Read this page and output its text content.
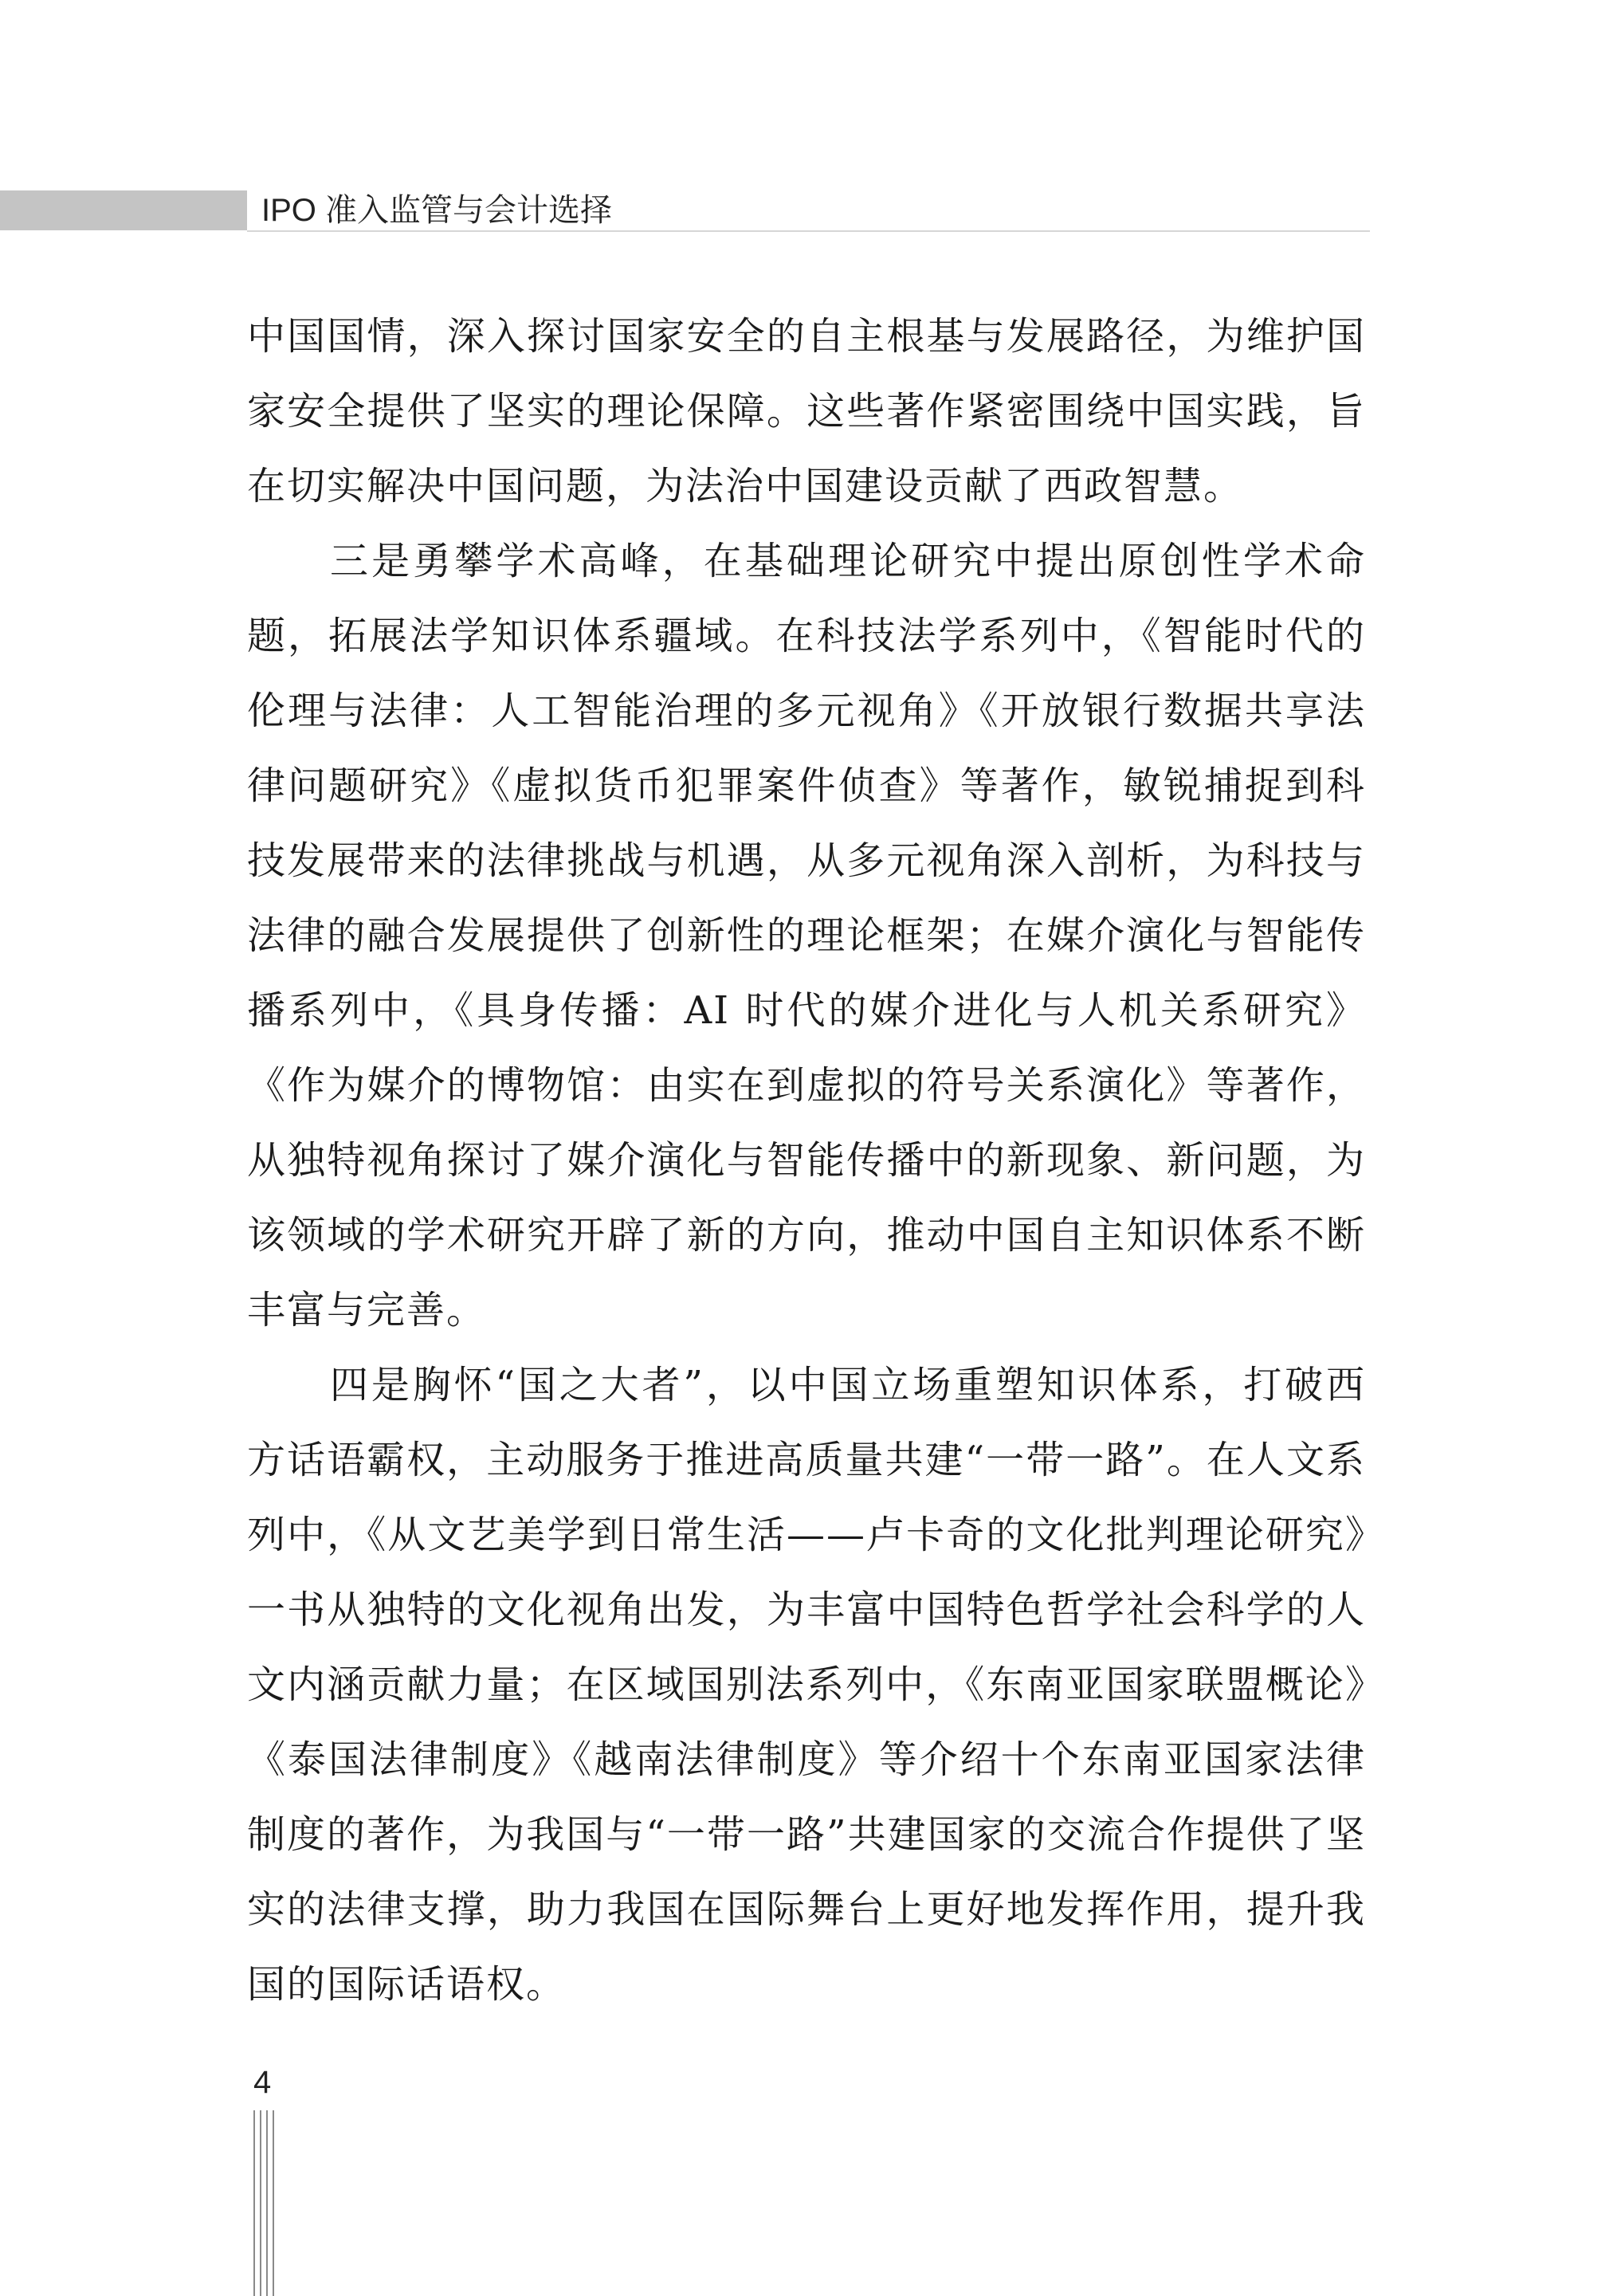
IPO 准入监管与会计选择

中国国情，深入探讨国家安全的自主根基与发展路径，为维护国家安全提供了坚实的理论保障。这些著作紧密围绕中国实践，旨在切实解决中国问题，为法治中国建设贡献了西政智慧。

三是勇攀学术高峰，在基础理论研究中提出原创性学术命题，拓展法学知识体系疆域。在科技法学系列中，《智能时代的伦理与法律：人工智能治理的多元视角》《开放银行数据共享法律问题研究》《虚拟货币犯罪案件侦查》等著作，敏锐捕捉到科技发展带来的法律挑战与机遇，从多元视角深入剖析，为科技与法律的融合发展提供了创新性的理论框架；在媒介演化与智能传播系列中，《具身传播：AI 时代的媒介进化与人机关系研究》《作为媒介的博物馆：由实在到虚拟的符号关系演化》等著作，从独特视角探讨了媒介演化与智能传播中的新现象、新问题，为该领域的学术研究开辟了新的方向，推动中国自主知识体系不断丰富与完善。

四是胸怀“国之大者”，以中国立场重塑知识体系，打破西方话语霸权，主动服务于推进高质量共建“一带一路”。在人文系列中，《从文艺美学到日常生活——卢卡奇的文化批判理论研究》一书从独特的文化视角出发，为丰富中国特色哲学社会科学的人文内涵贡献力量；在区域国别法系列中，《东南亚国家联盟概论》《泰国法律制度》《越南法律制度》等介绍十个东南亚国家法律制度的著作，为我国与“一带一路”共建国家的交流合作提供了坚实的法律支撑，助力我国在国际舞台上更好地发挥作用，提升我国的国际话语权。

4
